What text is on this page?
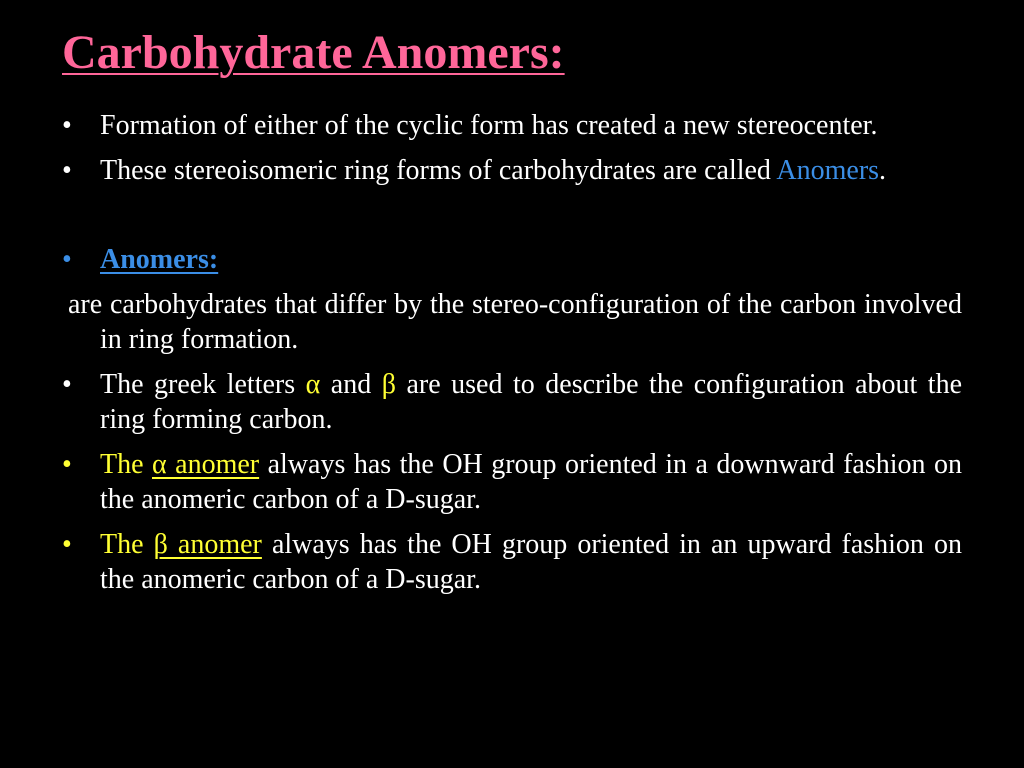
Carbohydrate Anomers:
•	Formation of either of the cyclic form has created a new stereocenter.
•	These stereoisomeric ring forms of carbohydrates are called Anomers.
•	Anomers:
are carbohydrates that differ by the stereo-configuration of the carbon involved in ring formation.
•	The greek letters α and β are used to describe the configuration about the ring forming carbon.
•	The α anomer always has the OH group oriented in a downward fashion on the anomeric carbon of a D-sugar.
•	The β anomer always has the OH group oriented in an upward fashion on the anomeric carbon of a D-sugar.
